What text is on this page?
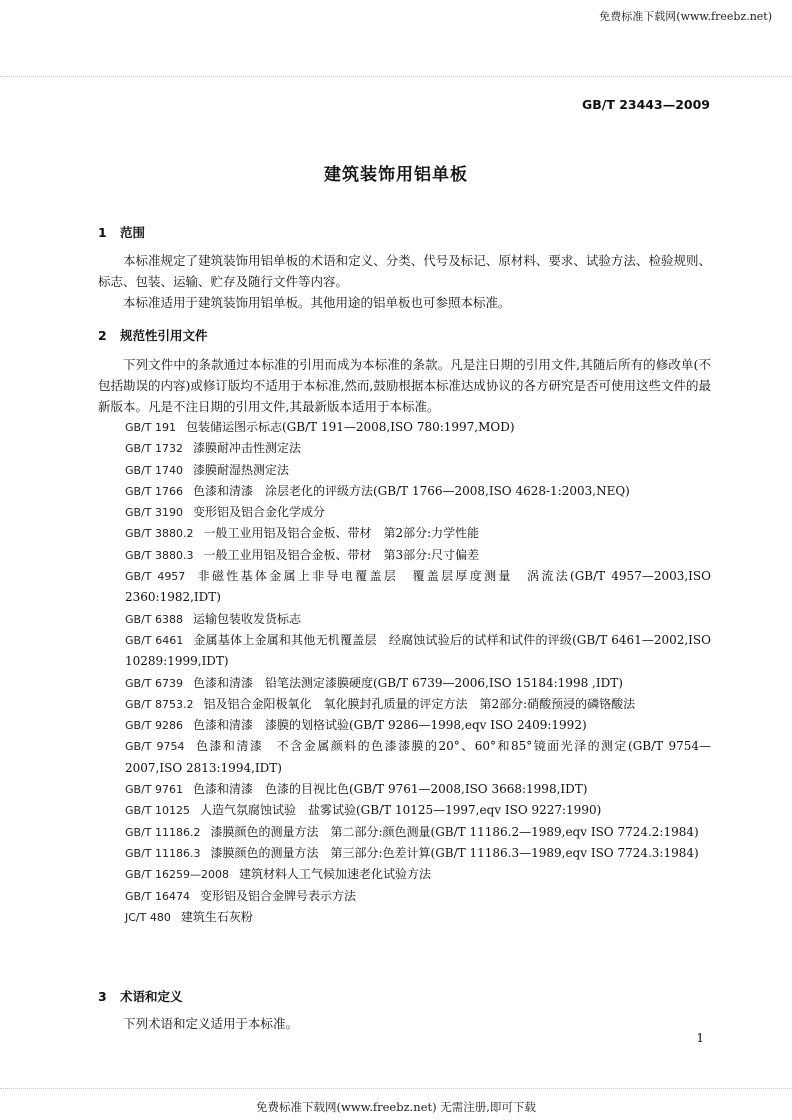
免费标准下载网(www.freebz.net)
GB/T 23443—2009
建筑装饰用铝单板
1 范围

本标准规定了建筑装饰用铝单板的术语和定义、分类、代号及标记、原材料、要求、试验方法、检验规则、标志、包装、运输、贮存及随行文件等内容。

本标准适用于建筑装饰用铝单板。其他用途的铝单板也可参照本标准。

2 规范性引用文件

下列文件中的条款通过本标准的引用而成为本标准的条款。凡是注日期的引用文件,其随后所有的修改单(不包括勘误的内容)或修订版均不适用于本标准,然而,鼓励根据本标准达成协议的各方研究是否可使用这些文件的最新版本。凡是不注日期的引用文件,其最新版本适用于本标准。

GB/T 191 包装储运图示标志(GB/T 191—2008,ISO 780:1997,MOD)
GB/T 1732 漆膜耐冲击性测定法
GB/T 1740 漆膜耐湿热测定法
GB/T 1766 色漆和清漆　涂层老化的评级方法(GB/T 1766—2008,ISO 4628-1:2003,NEQ)
GB/T 3190 变形铝及铝合金化学成分
GB/T 3880.2 一般工业用铝及铝合金板、带材　第2部分:力学性能
GB/T 3880.3 一般工业用铝及铝合金板、带材　第3部分:尺寸偏差
GB/T 4957 非磁性基体金属上非导电覆盖层　覆盖层厚度测量　涡流法(GB/T 4957—2003,ISO 2360:1982,IDT)
GB/T 6388 运输包装收发货标志
GB/T 6461 金属基体上金属和其他无机覆盖层　经腐蚀试验后的试样和试件的评级(GB/T 6461—2002,ISO 10289:1999,IDT)
GB/T 6739 色漆和清漆　铅笔法测定漆膜硬度(GB/T 6739—2006,ISO 15184:1998 ,IDT)
GB/T 8753.2 铝及铝合金阳极氧化　氧化膜封孔质量的评定方法　第2部分:硝酸预浸的磷铬酸法
GB/T 9286 色漆和清漆　漆膜的划格试验(GB/T 9286—1998,eqv ISO 2409:1992)
GB/T 9754 色漆和清漆　不含金属颜料的色漆漆膜的20°、60°和85°镜面光泽的测定(GB/T 9754—2007,ISO 2813:1994,IDT)
GB/T 9761 色漆和清漆　色漆的目视比色(GB/T 9761—2008,ISO 3668:1998,IDT)
GB/T 10125 人造气氛腐蚀试验　盐雾试验(GB/T 10125—1997,eqv ISO 9227:1990)
GB/T 11186.2 漆膜颜色的测量方法　第二部分:颜色测量(GB/T 11186.2—1989,eqv ISO 7724.2:1984)
GB/T 11186.3 漆膜颜色的测量方法　第三部分:色差计算(GB/T 11186.3—1989,eqv ISO 7724.3:1984)
GB/T 16259—2008 建筑材料人工气候加速老化试验方法
GB/T 16474 变形铝及铝合金牌号表示方法
JC/T 480 建筑生石灰粉
3 术语和定义

下列术语和定义适用于本标准。

1
免费标准下载网(www.freebz.net) 无需注册,即可下载
